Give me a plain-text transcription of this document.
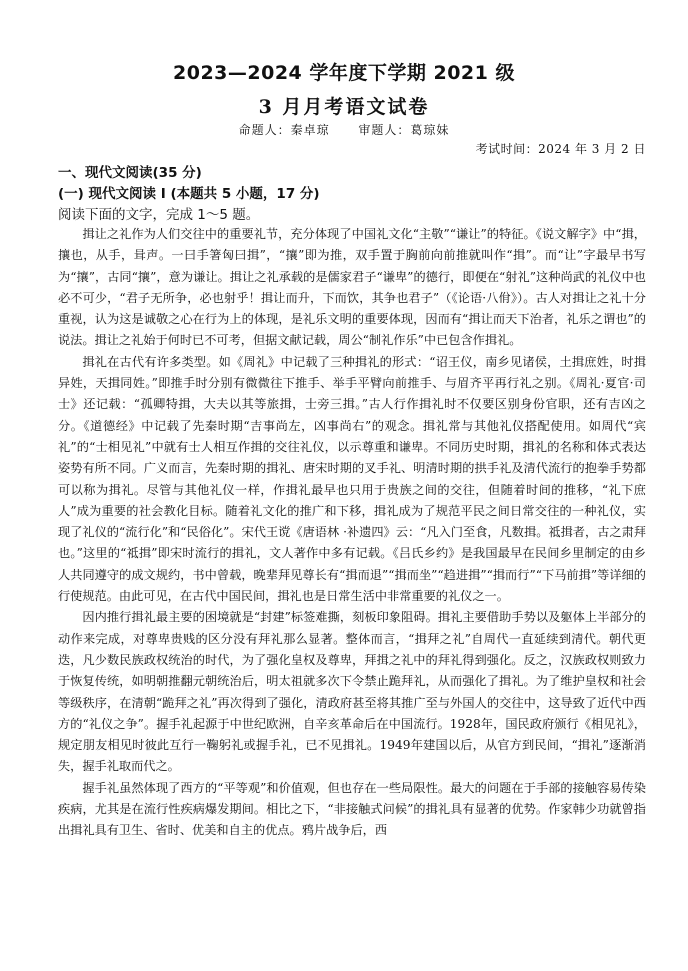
2023—2024 学年度下学期 2021 级
3 月月考语文试卷
命题人：秦卓琼 审题人：葛琼妹
考试时间：2024 年 3 月 2 日
一、现代文阅读(35 分)
(一) 现代文阅读 I (本题共 5 小题，17 分)
阅读下面的文字，完成 1～5 题。

揖让之礼作为人们交往中的重要礼节，充分体现了中国礼文化“主敬”“谦让”的特征。《说文解字》中“揖，攘也，从手，咠声。一曰手箸匈曰揖”，“攘”即为推，双手置于胸前向前推就叫作“揖”。而“让”字最早书写为“攘”，古同“攘”，意为谦让。揖让之礼承载的是儒家君子“谦卑”的德行，即便在“射礼”这种尚武的礼仪中也必不可少，“君子无所争，必也射乎！揖让而升，下而饮，其争也君子”（《论语·八佾》）。古人对揖让之礼十分重视，认为这是诚敬之心在行为上的体现，是礼乐文明的重要体现，因而有“揖让而天下治者，礼乐之谓也”的说法。揖让之礼始于何时已不可考，但据文献记载，周公“制礼作乐”中已包含作揖礼。

揖礼在古代有许多类型。如《周礼》中记载了三种揖礼的形式：“诏王仪，南乡见诸侯，土揖庶姓，时揖异姓，天揖同姓。”即推手时分别有微微往下推手、举手平臂向前推手、与眉齐平再行礼之别。《周礼·夏官·司士》还记载：“孤卿特揖，大夫以其等旅揖，士旁三揖。”古人行作揖礼时不仅要区别身份官职，还有吉凶之分。《道德经》中记载了先秦时期“吉事尚左，凶事尚右”的观念。揖礼常与其他礼仪搭配使用。如周代“宾礼”的“士相见礼”中就有士人相互作揖的交往礼仪，以示尊重和谦卑。不同历史时期，揖礼的名称和体式表达姿势有所不同。广义而言，先秦时期的揖礼、唐宋时期的叉手礼、明清时期的拱手礼及清代流行的抱拳手势都可以称为揖礼。尽管与其他礼仪一样，作揖礼最早也只用于贵族之间的交往，但随着时间的推移，“礼下庶人”成为重要的社会教化目标。随着礼文化的推广和下移，揖礼成为了规范平民之间日常交往的一种礼仪，实现了礼仪的“流行化”和“民俗化”。宋代王谠《唐语林 ·补遗四》云：“凡入门至食，凡数揖。祗揖者，古之肃拜也。”这里的“祗揖”即宋时流行的揖礼，文人著作中多有记载。《吕氏乡约》是我国最早在民间乡里制定的由乡人共同遵守的成文规约，书中曾载，晚辈拜见尊长有“揖而退”“揖而坐”“趋进揖”“揖而行”“下马前揖”等详细的行使规范。由此可见，在古代中国民间，揖礼也是日常生活中非常重要的礼仪之一。

因内推行揖礼最主要的困境就是“封建”标签难撕，刻板印象阻碍。揖礼主要借助手势以及躯体上半部分的动作来完成，对尊卑贵贱的区分没有拜礼那么显著。整体而言，“揖拜之礼”自周代一直延续到清代。朝代更迭，凡少数民族政权统治的时代，为了强化皇权及尊卑，拜揖之礼中的拜礼得到强化。反之，汉族政权则致力于恢复传统，如明朝推翻元朝统治后，明太祖就多次下令禁止跪拜礼，从而强化了揖礼。为了维护皇权和社会等级秩序，在清朝“跪拜之礼”再次得到了强化，清政府甚至将其推广至与外国人的交往中，这导致了近代中西方的“礼仪之争”。握手礼起源于中世纪欧洲，自辛亥革命后在中国流行。1928年，国民政府颁行《相见礼》，规定朋友相见时彼此互行一鞠躬礼或握手礼，已不见揖礼。1949年建国以后，从官方到民间，“揖礼”逐渐消失，握手礼取而代之。

握手礼虽然体现了西方的“平等观”和价值观，但也存在一些局限性。最大的问题在于手部的接触容易传染疾病，尤其是在流行性疾病爆发期间。相比之下，“非接触式问候”的揖礼具有显著的优势。作家韩少功就曾指出揖礼具有卫生、省时、优美和自主的优点。鸦片战争后，西
